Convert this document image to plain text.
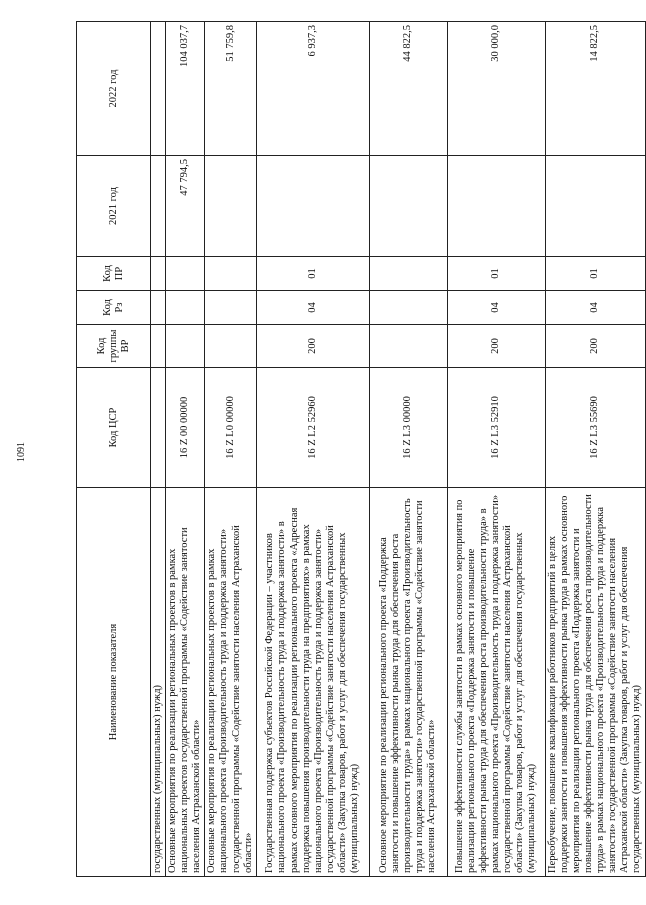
1091
Наименование показателя	Код ЦСР	Код группы ВР	Код Рз	Код ПР	2021 год	2022 год
государственных (муниципальных) нужд)						
Основные мероприятия по реализации региональных проектов в рамках национальных проектов государственной программы «Содействие занятости населения Астраханской области»	16 Z 00 00000				47 794,5	104 037,7
Основные мероприятия по реализации региональных проектов в рамках национального проекта «Производительность труда и поддержка занятости» государственной программы «Содействие занятости населения Астраханской области»	16 Z L0 00000					51 759,8
Государственная поддержка субъектов Российской Федерации – участников национального проекта «Производительность труда и поддержка занятости» в рамках основного мероприятия по реализации регионального проекта «Адресная поддержка повышения производительности труда на предприятиях» в рамках национального проекта «Производительность труда и поддержка занятости» государственной программы «Содействие занятости населения Астраханской области» (Закупка товаров, работ и услуг для обеспечения государственных (муниципальных) нужд)	16 Z L2 52960	200	04	01		6 937,3
Основное мероприятие по реализации регионального проекта «Поддержка занятости и повышение эффективности рынка труда для обеспечения роста производительности труда» в рамках национального проекта «Производительность труда и поддержка занятости» государственной программы «Содействие занятости населения Астраханской области»	16 Z L3 00000					44 822,5
Повышение эффективности службы занятости в рамках основного мероприятия по реализации регионального проекта «Поддержка занятости и повышение эффективности рынка труда для обеспечения роста производительности труда» в рамках национального проекта «Производительность труда и поддержка занятости» государственной программы «Содействие занятости населения Астраханской области» (Закупка товаров, работ и услуг для обеспечения государственных (муниципальных) нужд)	16 Z L3 52910	200	04	01		30 000,0
Переобучение, повышение квалификации работников предприятий в целях поддержки занятости и повышения эффективности рынка труда в рамках основного мероприятия по реализации регионального проекта «Поддержка занятости и повышение эффективности рынка труда для обеспечения роста производительности труда» в рамках национального проекта «Производительность труда и поддержка занятости» государственной программы «Содействие занятости населения Астраханской области» (Закупка товаров, работ и услуг для обеспечения государственных (муниципальных) нужд)	16 Z L3 55690	200	04	01		14 822,5
